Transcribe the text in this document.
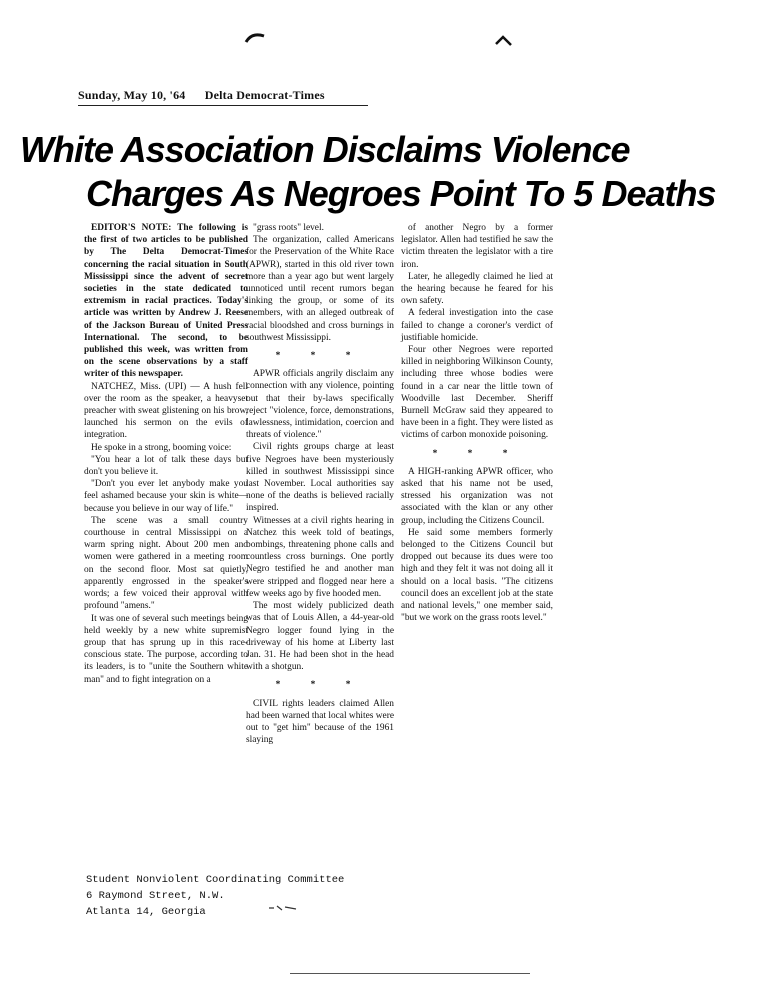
Sunday, May 10, '64 Delta Democrat-Times
White Association Disclaims Violence
Charges As Negroes Point To 5 Deaths

EDITOR'S NOTE: The following is the first of two articles to be published by The Delta Democrat-Times concerning the racial situation in South Mississippi since the advent of secret societies in the state dedicated to extremism in racial practices. Today's article was written by Andrew J. Reese of the Jackson Bureau of United Press International. The second, to be published this week, was written from on the scene observations by a staff writer of this newspaper.

NATCHEZ, Miss. (UPI) — A hush fell over the room as the speaker, a heavyset preacher with sweat glistening on his brow, launched his sermon on the evils of integration.

He spoke in a strong, booming voice:

"You hear a lot of talk these days but don't you believe it.

"Don't you ever let anybody make you feel ashamed because your skin is white—because you believe in our way of life."

The scene was a small country courthouse in central Mississippi on a warm spring night. About 200 men and women were gathered in a meeting room on the second floor. Most sat quietly, apparently engrossed in the speaker's words; a few voiced their approval with profound "amens."

It was one of several such meetings being held weekly by a new white supremist group that has sprung up in this race-conscious state. The purpose, according to its leaders, is to "unite the Southern white man" and to fight integration on a

"grass roots" level.

The organization, called Americans for the Preservation of the White Race (APWR), started in this old river town more than a year ago but went largely unnoticed until recent rumors began linking the group, or some of its members, with an alleged outbreak of racial bloodshed and cross burnings in southwest Mississippi.

* * *

APWR officials angrily disclaim any connection with any violence, pointing out that their by-laws specifically reject "violence, force, demonstrations, lawlessness, intimidation, coercion and threats of violence."

Civil rights groups charge at least five Negroes have been mysteriously killed in southwest Mississippi since last November. Local authorities say none of the deaths is believed racially inspired.

Witnesses at a civil rights hearing in Natchez this week told of beatings, bombings, threatening phone calls and countless cross burnings. One portly Negro testified he and another man were stripped and flogged near here a few weeks ago by five hooded men.

The most widely publicized death was that of Louis Allen, a 44-year-old Negro logger found lying in the driveway of his home at Liberty last Jan. 31. He had been shot in the head with a shotgun.

* * *

CIVIL rights leaders claimed Allen had been warned that local whites were out to "get him" because of the 1961 slaying

of another Negro by a former legislator. Allen had testified he saw the victim threaten the legislator with a tire iron.

Later, he allegedly claimed he lied at the hearing because he feared for his own safety.

A federal investigation into the case failed to change a coroner's verdict of justifiable homicide.

Four other Negroes were reported killed in neighboring Wilkinson County, including three whose bodies were found in a car near the little town of Woodville last December. Sheriff Burnell McGraw said they appeared to have been in a fight. They were listed as victims of carbon monoxide poisoning.

* * *

A HIGH-ranking APWR officer, who asked that his name not be used, stressed his organization was not associated with the klan or any other group, including the Citizens Council.

He said some members formerly belonged to the Citizens Council but dropped out because its dues were too high and they felt it was not doing all it should on a local basis. "The citizens council does an excellent job at the state and national levels," one member said, "but we work on the grass roots level."

Student Nonviolent Coordinating Committee
6 Raymond Street, N.W.
Atlanta 14, Georgia
